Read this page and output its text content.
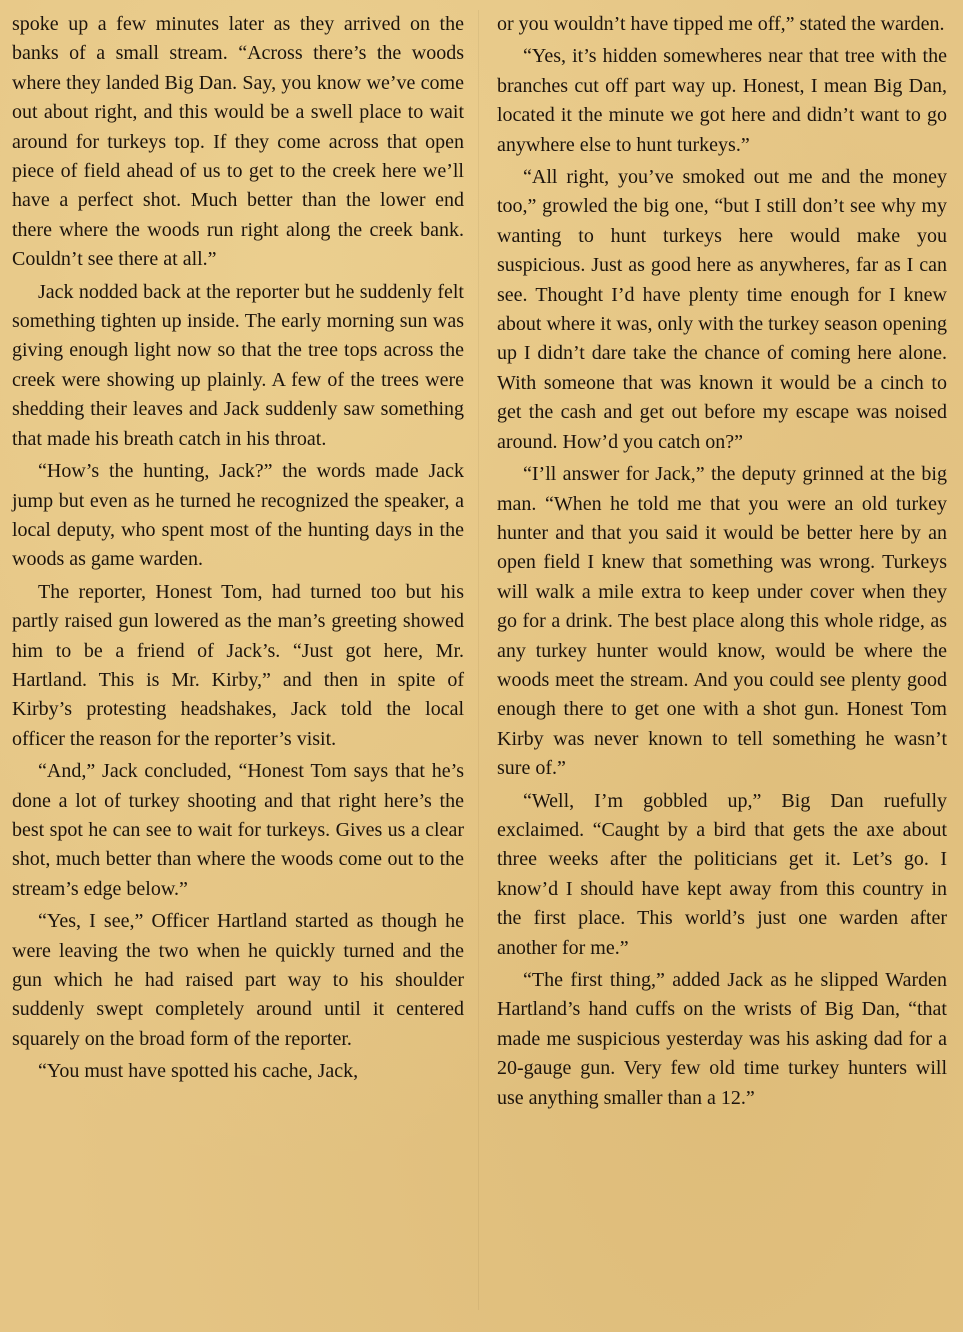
spoke up a few minutes later as they arrived on the banks of a small stream. “Across there’s the woods where they landed Big Dan. Say, you know we’ve come out about right, and this would be a swell place to wait around for turkeys top. If they come across that open piece of field ahead of us to get to the creek here we’ll have a perfect shot. Much better than the lower end there where the woods run right along the creek bank. Couldn’t see there at all.”

Jack nodded back at the reporter but he suddenly felt something tighten up inside. The early morning sun was giving enough light now so that the tree tops across the creek were showing up plainly. A few of the trees were shedding their leaves and Jack suddenly saw something that made his breath catch in his throat.

“How’s the hunting, Jack?” the words made Jack jump but even as he turned he recognized the speaker, a local deputy, who spent most of the hunting days in the woods as game warden.

The reporter, Honest Tom, had turned too but his partly raised gun lowered as the man’s greeting showed him to be a friend of Jack’s. “Just got here, Mr. Hartland. This is Mr. Kirby,” and then in spite of Kirby’s protesting headshakes, Jack told the local officer the reason for the reporter’s visit.

“And,” Jack concluded, “Honest Tom says that he’s done a lot of turkey shooting and that right here’s the best spot he can see to wait for turkeys. Gives us a clear shot, much better than where the woods come out to the stream’s edge below.”

“Yes, I see,” Officer Hartland started as though he were leaving the two when he quickly turned and the gun which he had raised part way to his shoulder suddenly swept completely around until it centered squarely on the broad form of the reporter.

“You must have spotted his cache, Jack,

or you wouldn’t have tipped me off,” stated the warden.

“Yes, it’s hidden somewheres near that tree with the branches cut off part way up. Honest, I mean Big Dan, located it the minute we got here and didn’t want to go anywhere else to hunt turkeys.”

“All right, you’ve smoked out me and the money too,” growled the big one, “but I still don’t see why my wanting to hunt turkeys here would make you suspicious. Just as good here as anywheres, far as I can see. Thought I’d have plenty time enough for I knew about where it was, only with the turkey season opening up I didn’t dare take the chance of coming here alone. With someone that was known it would be a cinch to get the cash and get out before my escape was noised around. How’d you catch on?”

“I’ll answer for Jack,” the deputy grinned at the big man. “When he told me that you were an old turkey hunter and that you said it would be better here by an open field I knew that something was wrong. Turkeys will walk a mile extra to keep under cover when they go for a drink. The best place along this whole ridge, as any turkey hunter would know, would be where the woods meet the stream. And you could see plenty good enough there to get one with a shot gun. Honest Tom Kirby was never known to tell something he wasn’t sure of.”

“Well, I’m gobbled up,” Big Dan ruefully exclaimed. “Caught by a bird that gets the axe about three weeks after the politicians get it. Let’s go. I know’d I should have kept away from this country in the first place. This world’s just one warden after another for me.”

“The first thing,” added Jack as he slipped Warden Hartland’s hand cuffs on the wrists of Big Dan, “that made me suspicious yesterday was his asking dad for a 20-gauge gun. Very few old time turkey hunters will use anything smaller than a 12.”
